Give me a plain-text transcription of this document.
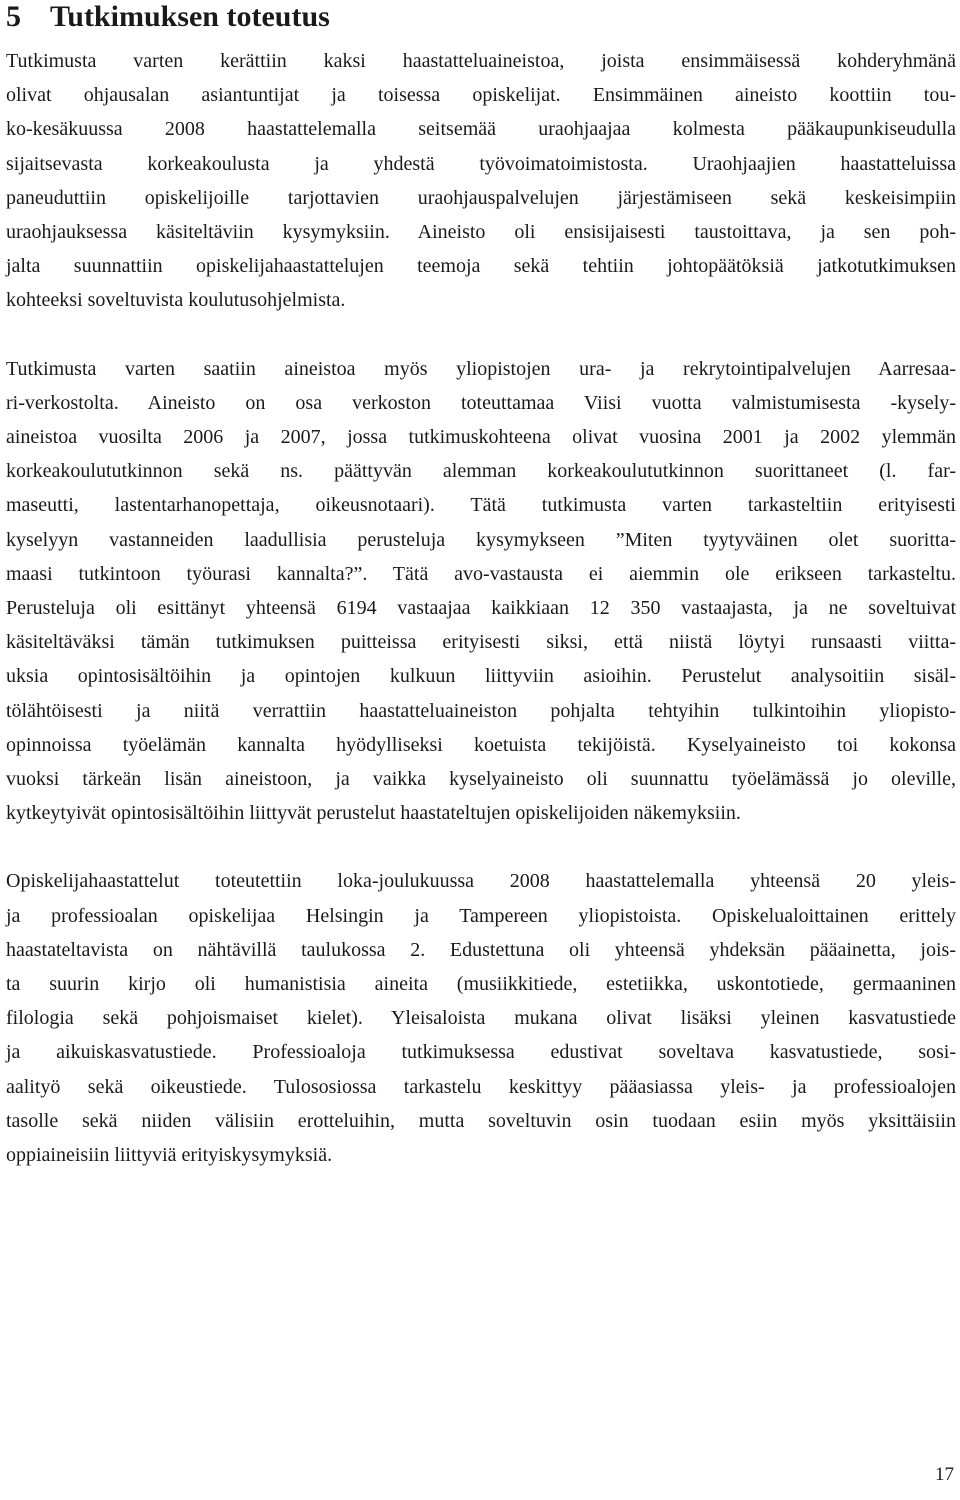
5 Tutkimuksen toteutus

Tutkimusta varten kerättiin kaksi haastatteluaineistoa, joista ensimmäisessä kohderyhmänä
olivat ohjausalan asiantuntijat ja toisessa opiskelijat. Ensimmäinen aineisto koottiin tou-
ko-kesäkuussa 2008 haastattelemalla seitsemää uraohjaajaa kolmesta pääkaupunkiseudulla
sijaitsevasta korkeakoulusta ja yhdestä työvoimatoimistosta. Uraohjaajien haastatteluissa
paneuduttiin opiskelijoille tarjottavien uraohjauspalvelujen järjestämiseen sekä keskeisimpiin
uraohjauksessa käsiteltäviin kysymyksiin. Aineisto oli ensisijaisesti taustoittava, ja sen poh-
jalta suunnattiin opiskelijahaastattelujen teemoja sekä tehtiin johtopäätöksiä jatkotutkimuksen
kohteeksi soveltuvista koulutusohjelmista.

Tutkimusta varten saatiin aineistoa myös yliopistojen ura- ja rekrytointipalvelujen Aarresaa-
ri-verkostolta. Aineisto on osa verkoston toteuttamaa Viisi vuotta valmistumisesta -kysely-
aineistoa vuosilta 2006 ja 2007, jossa tutkimuskohteena olivat vuosina 2001 ja 2002 ylemmän
korkeakoulututkinnon sekä ns. päättyvän alemman korkeakoulututkinnon suorittaneet (l. far-
maseutti, lastentarhanopettaja, oikeusnotaari). Tätä tutkimusta varten tarkasteltiin erityisesti
kyselyyn vastanneiden laadullisia perusteluja kysymykseen ”Miten tyytyväinen olet suoritta-
maasi tutkintoon työurasi kannalta?”. Tätä avo-vastausta ei aiemmin ole erikseen tarkasteltu.
Perusteluja oli esittänyt yhteensä 6194 vastaajaa kaikkiaan 12 350 vastaajasta, ja ne soveltuivat
käsiteltäväksi tämän tutkimuksen puitteissa erityisesti siksi, että niistä löytyi runsaasti viitta-
uksia opintosisältöihin ja opintojen kulkuun liittyviin asioihin. Perustelut analysoitiin sisäl-
tölähtöisesti ja niitä verrattiin haastatteluaineiston pohjalta tehtyihin tulkintoihin yliopisto-
opinnoissa työelämän kannalta hyödylliseksi koetuista tekijöistä. Kyselyaineisto toi kokonsa
vuoksi tärkeän lisän aineistoon, ja vaikka kyselyaineisto oli suunnattu työelämässä jo oleville,
kytkeytyivät opintosisältöihin liittyvät perustelut haastateltujen opiskelijoiden näkemyksiin.

Opiskelijahaastattelut toteutettiin loka-joulukuussa 2008 haastattelemalla yhteensä 20 yleis-
ja professioalan opiskelijaa Helsingin ja Tampereen yliopistoista. Opiskelualoittainen erittely
haastateltavista on nähtävillä taulukossa 2. Edustettuna oli yhteensä yhdeksän pääainetta, jois-
ta suurin kirjo oli humanistisia aineita (musiikkitiede, estetiikka, uskontotiede, germaaninen
filologia sekä pohjoismaiset kielet). Yleisaloista mukana olivat lisäksi yleinen kasvatustiede
ja aikuiskasvatustiede. Professioaloja tutkimuksessa edustivat soveltava kasvatustiede, sosi-
aalityö sekä oikeustiede. Tulososiossa tarkastelu keskittyy pääasiassa yleis- ja professioalojen
tasolle sekä niiden välisiin erotteluihin, mutta soveltuvin osin tuodaan esiin myös yksittäisiin
oppiaineisiin liittyviä erityiskysymyksiä.

17
